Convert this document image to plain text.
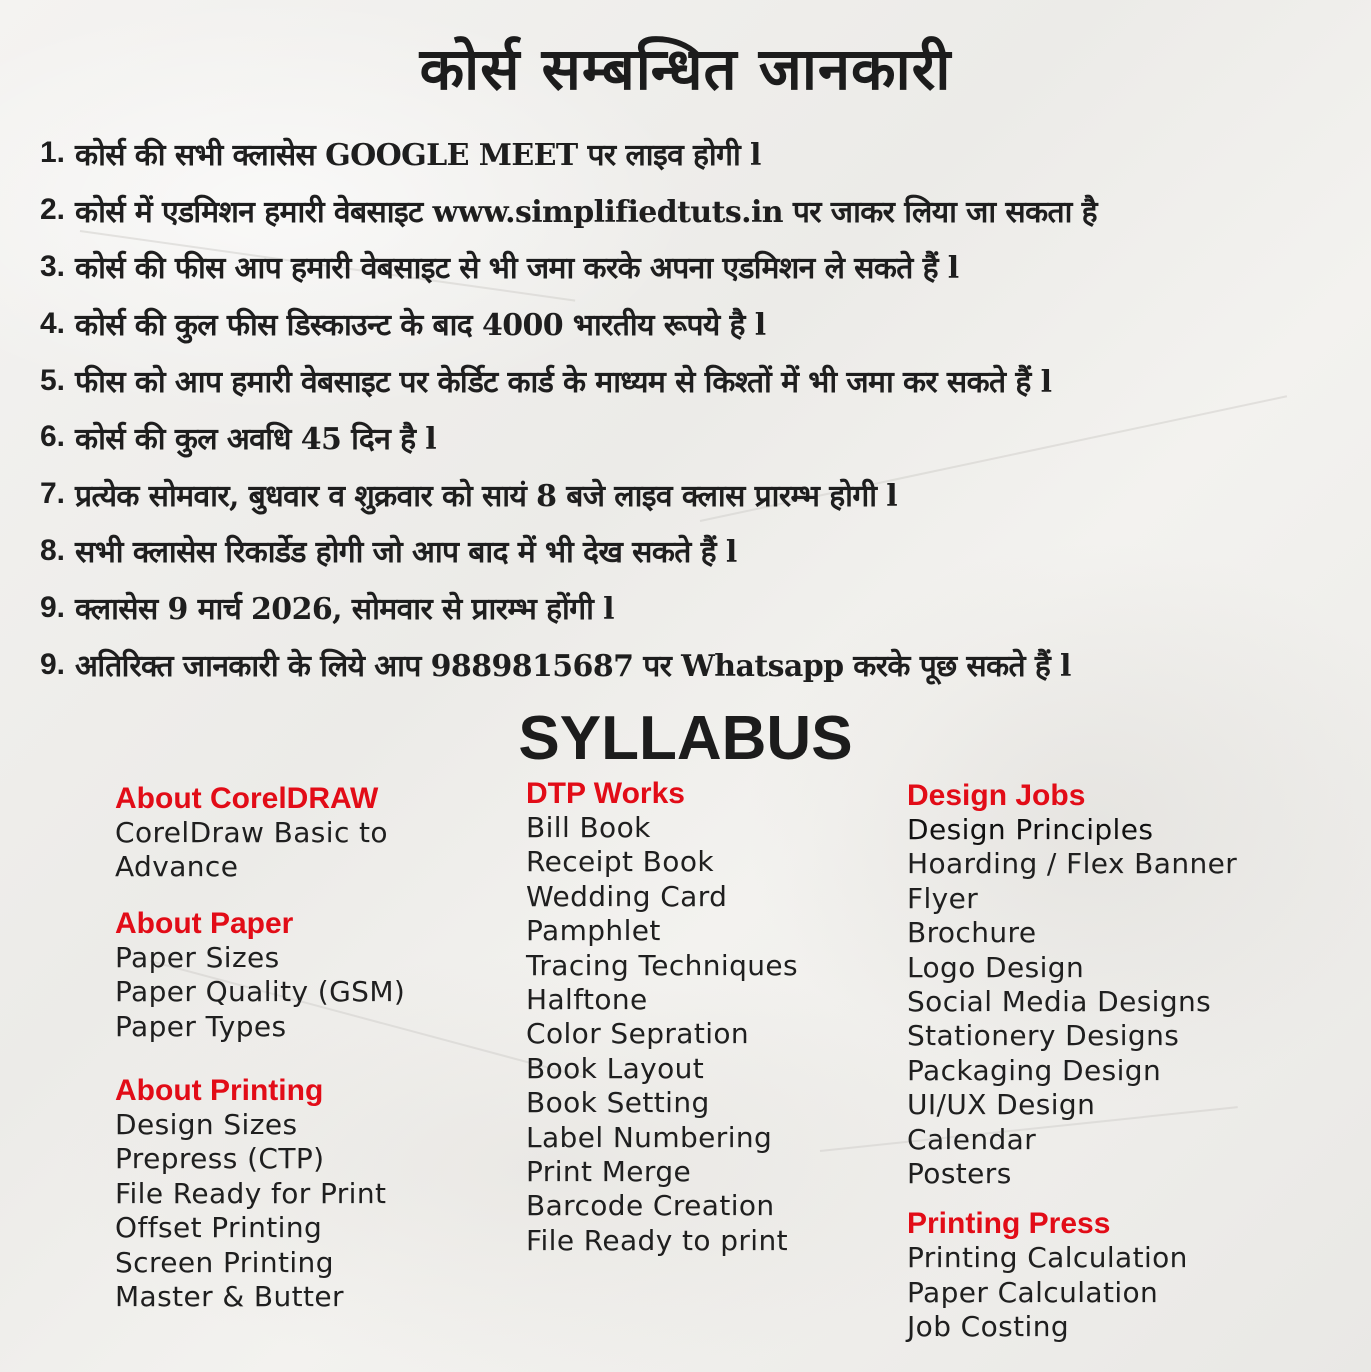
कोर्स सम्बन्धित जानकारी
1. कोर्स की सभी क्लासेस GOOGLE MEET पर लाइव होगी l
2. कोर्स में एडमिशन हमारी वेबसाइट www.simplifiedtuts.in पर जाकर लिया जा सकता है
3. कोर्स की फीस आप हमारी वेबसाइट से भी जमा करके अपना एडमिशन ले सकते हैं l
4. कोर्स की कुल फीस डिस्काउन्ट के बाद 4000 भारतीय रूपये है l
5. फीस को आप हमारी वेबसाइट पर केर्डिट कार्ड के माध्यम से किश्तों में भी जमा कर सकते हैं l
6. कोर्स की कुल अवधि 45 दिन है l
7. प्रत्येक सोमवार, बुधवार व शुक्रवार को सायं 8 बजे लाइव क्लास प्रारम्भ होगी l
8. सभी क्लासेस रिकार्डेड होगी जो आप बाद में भी देख सकते हैं l
9. क्लासेस 9 मार्च 2026, सोमवार से प्रारम्भ होंगी l
9. अतिरिक्त जानकारी के लिये आप 9889815687 पर Whatsapp करके पूछ सकते हैं l
SYLLABUS
About CorelDRAW
CorelDraw Basic to Advance
About Paper
Paper Sizes
Paper Quality (GSM)
Paper Types
About Printing
Design Sizes
Prepress (CTP)
File Ready for Print
Offset Printing
Screen Printing
Master & Butter
DTP Works
Bill Book
Receipt Book
Wedding Card
Pamphlet
Tracing Techniques
Halftone
Color Sepration
Book Layout
Book Setting
Label Numbering
Print Merge
Barcode Creation
File Ready to print
Design Jobs
Design Principles
Hoarding / Flex Banner
Flyer
Brochure
Logo Design
Social Media Designs
Stationery Designs
Packaging Design
UI/UX Design
Calendar
Posters
Printing Press
Printing Calculation
Paper Calculation
Job Costing
